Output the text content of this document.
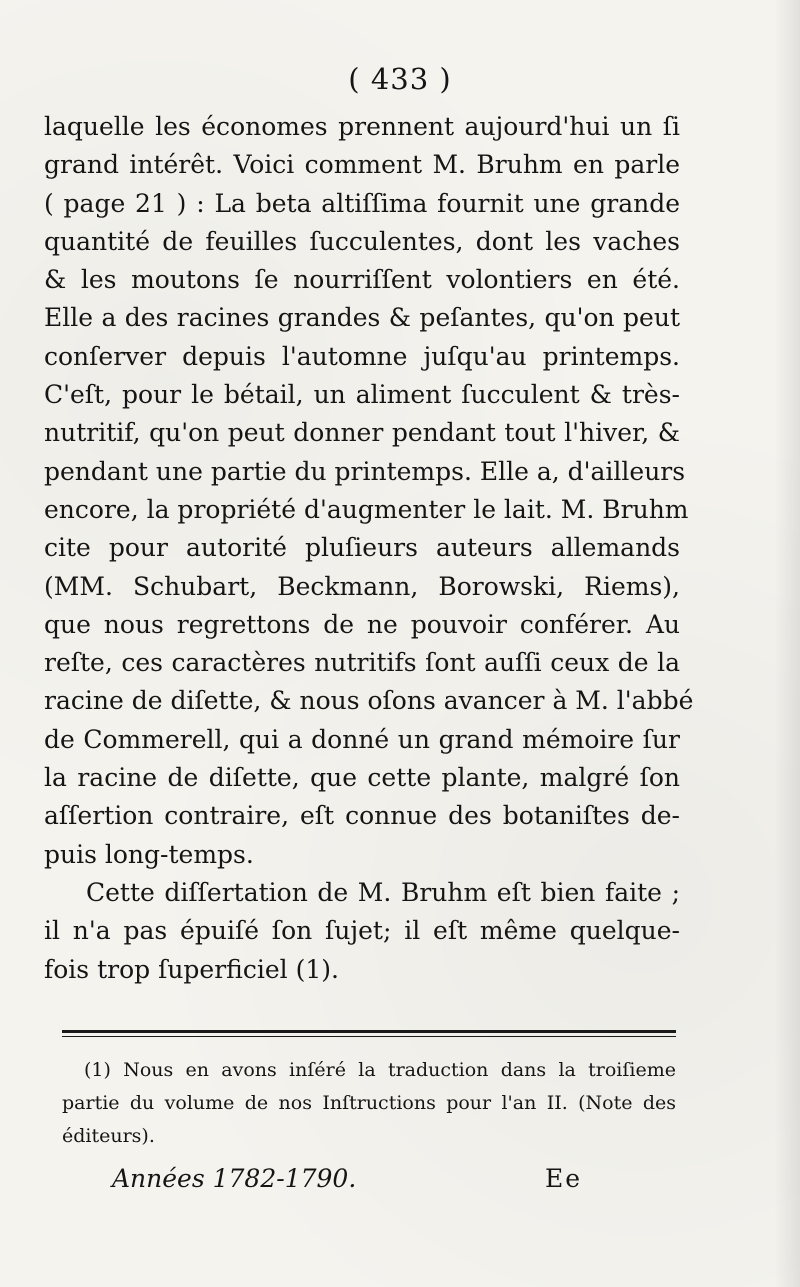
( 433 )
laquelle les économes prennent aujourd'hui un ſi
grand intérêt. Voici comment M. Bruhm en parle
( page 21 ) : La beta altiſſima fournit une grande
quantité de feuilles ſucculentes, dont les vaches
& les moutons ſe nourriſſent volontiers en été.
Elle a des racines grandes & peſantes, qu'on peut
conſerver depuis l'automne juſqu'au printemps.
C'eſt, pour le bétail, un aliment ſucculent & très-
nutritif, qu'on peut donner pendant tout l'hiver, &
pendant une partie du printemps. Elle a, d'ailleurs
encore, la propriété d'augmenter le lait. M. Bruhm
cite pour autorité pluſieurs auteurs allemands
(MM. Schubart, Beckmann, Borowski, Riems),
que nous regrettons de ne pouvoir conférer. Au
reſte, ces caractères nutritifs ſont auſſi ceux de la
racine de diſette, & nous oſons avancer à M. l'abbé
de Commerell, qui a donné un grand mémoire ſur
la racine de diſette, que cette plante, malgré ſon
aſſertion contraire, eſt connue des botaniſtes de-
puis long-temps.
Cette diſſertation de M. Bruhm eſt bien faite ;
il n'a pas épuiſé ſon ſujet; il eſt même quelque-
fois trop ſuperficiel (1).
(1) Nous en avons inſéré la traduction dans la troiſieme
partie du volume de nos Inſtructions pour l'an II. (Note des
éditeurs).
Années 1782-1790.	Ee
